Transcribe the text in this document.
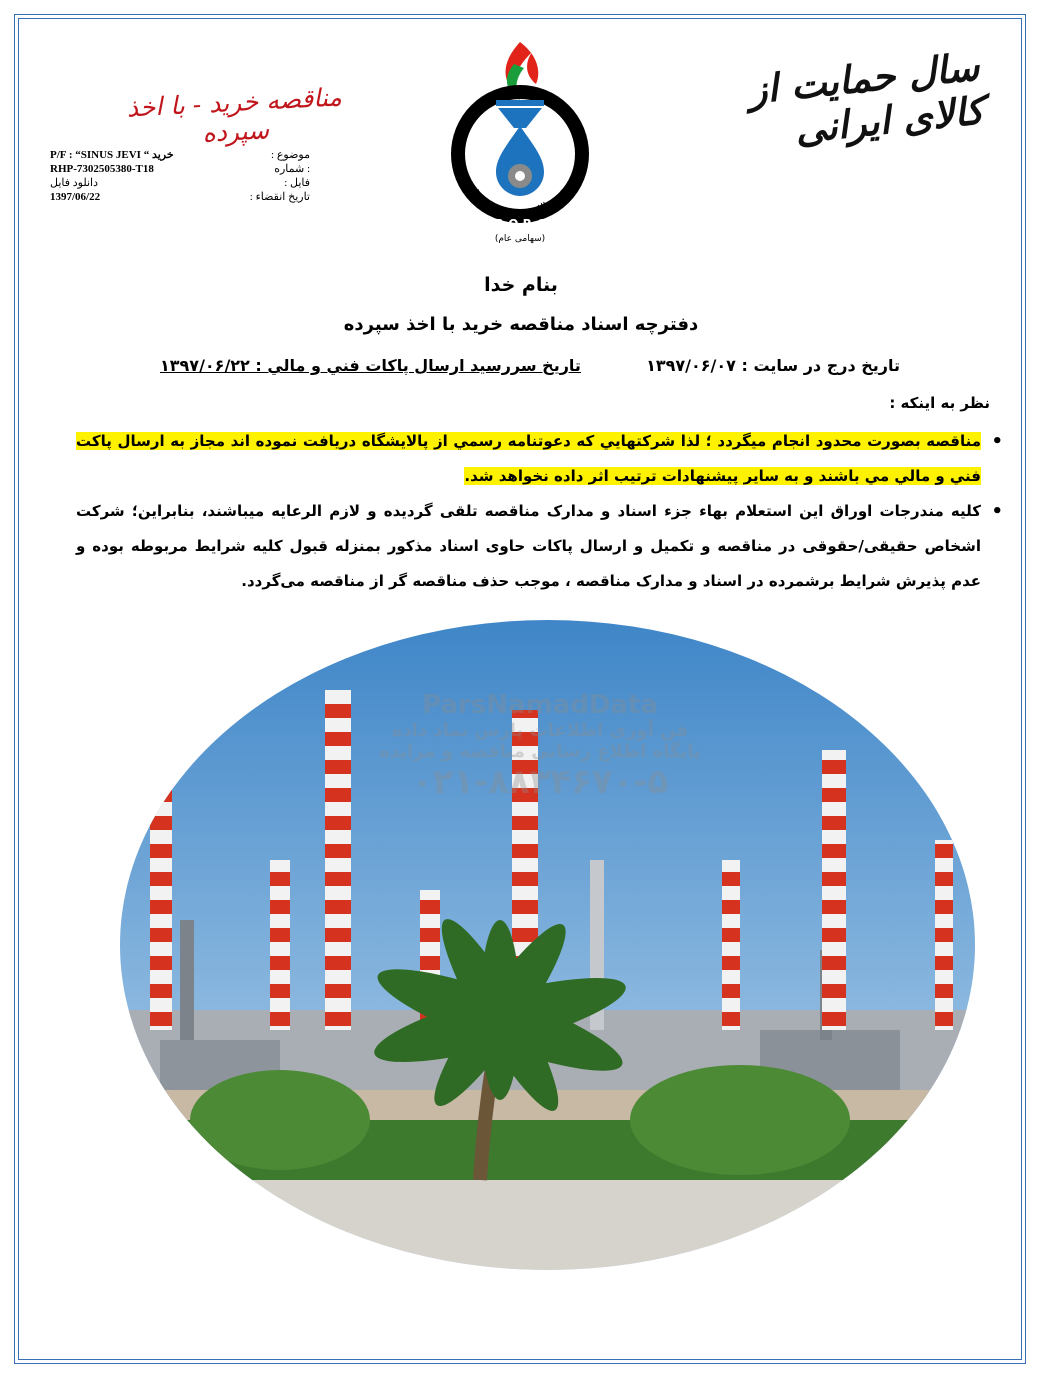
سال حمایت از کالای ایرانی
مناقصه خرید - با اخذ سپرده
P/F : “SINUS JEVI “ خرید	موضوع :
RHP-7302505380-T18	: شماره
دانلود فایل	فایل :
1397/06/22	تاریخ انقضاء :
B.O.R.C
شرکت پالایش نفت بندرعباس
(سهامی عام)
بنام خدا
دفترچه اسناد مناقصه خرید با اخذ سپرده
تاریخ درج در سایت : ۱۳۹۷/۰۶/۰۷
تاریخ سررسید ارسال پاکات فني و مالي : ۱۳۹۷/۰۶/۲۲
نظر به اینکه :
• مناقصه بصورت محدود انجام میگردد ؛ لذا شرکتهایي که دعوتنامه رسمي از پالایشگاه دریافت نموده اند مجاز به ارسال پاکت فني و مالي مي باشند و به سایر پیشنهادات ترتیب اثر داده نخواهد شد.
• کلیه مندرجات اوراق این استعلام بهاء جزء اسناد و مدارک مناقصه تلقی گردیده و لازم الرعایه میباشند، بنابراین؛ شرکت اشخاص حقیقی/حقوقی در مناقصه و تکمیل و ارسال پاکات حاوی اسناد مذکور بمنزله قبول کلیه شرایط مربوطه بوده و عدم پذیرش شرایط برشمرده در اسناد و مدارک مناقصه ، موجب حذف مناقصه گر از مناقصه می‌گردد.
ParsNamadData
فن آوری اطلاعات پارس نماد داده
پایگاه اطلاع رسانی مناقصه و مزایده
۰۲۱-۸۸۳۴۶۷۰-۵
